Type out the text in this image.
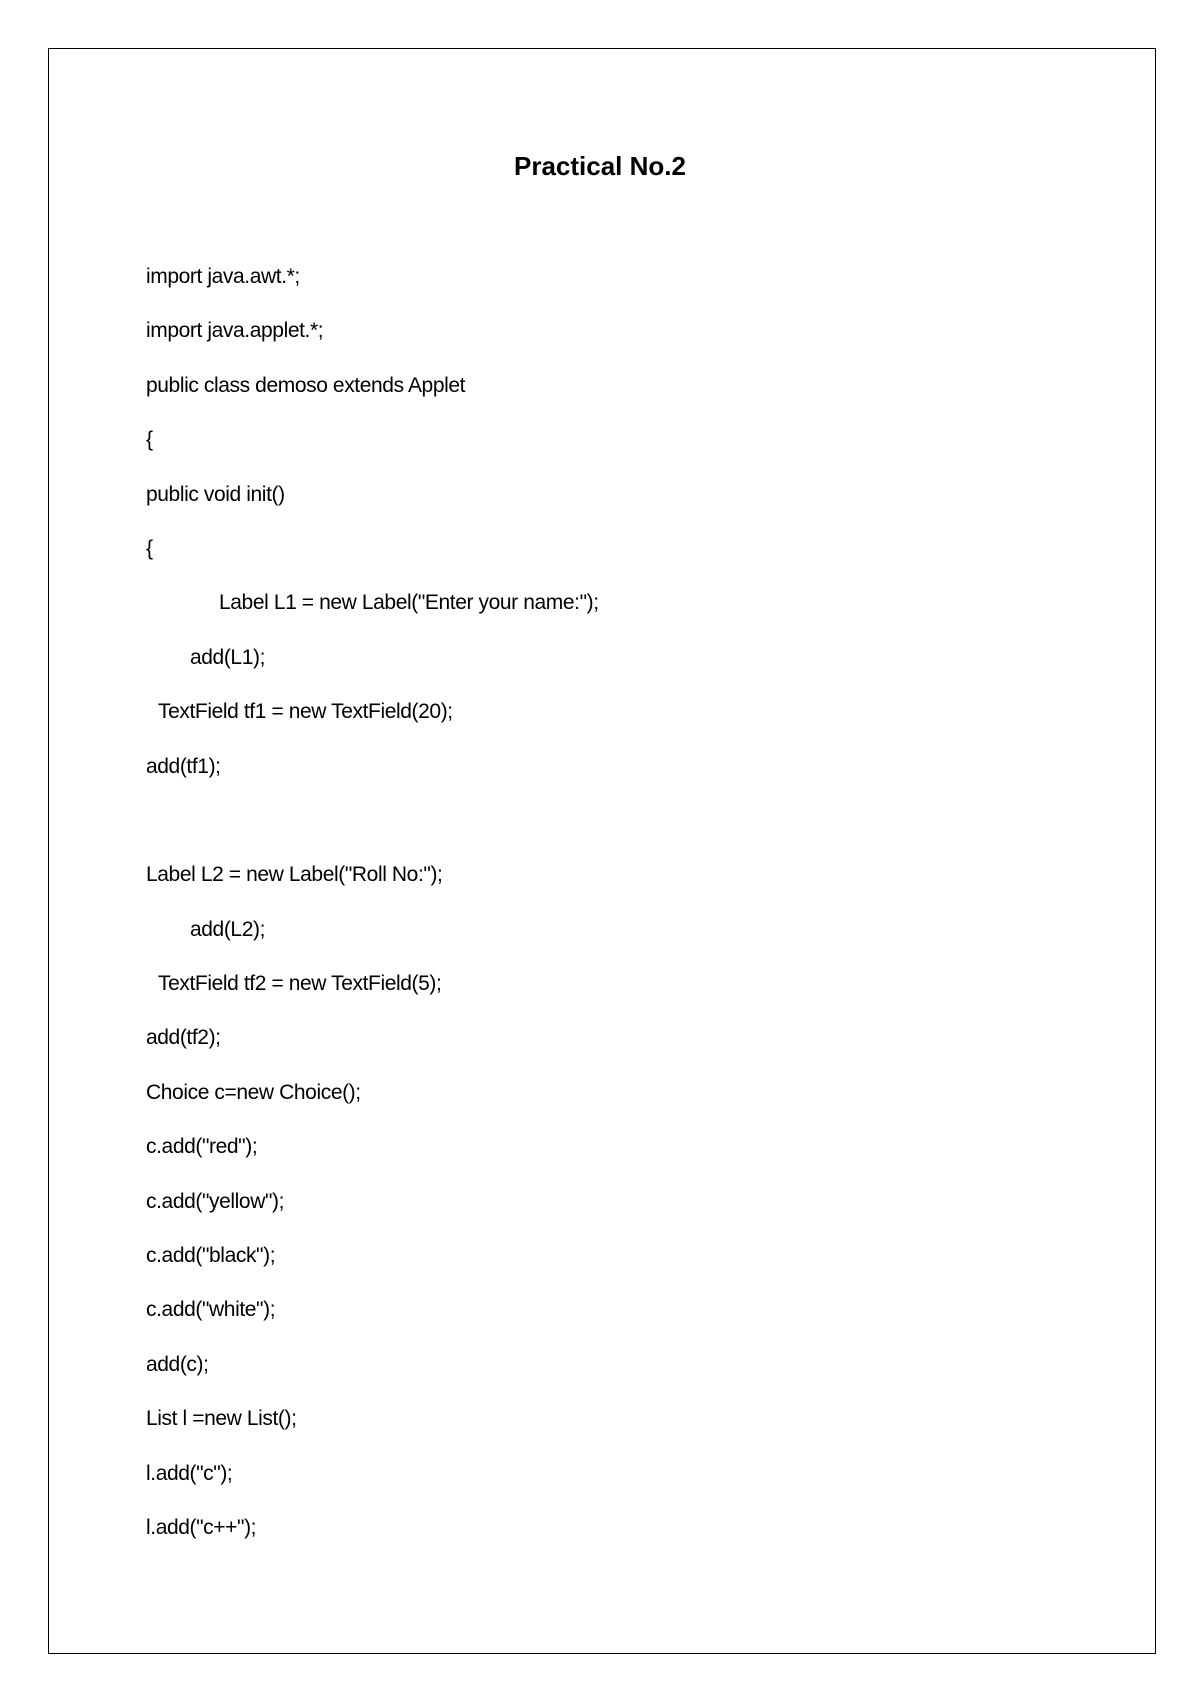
Practical No.2
import java.awt.*;
import java.applet.*;
public class demoso extends Applet
{
public void init()
{
Label L1 = new Label("Enter your name:");
add(L1);
TextField tf1 = new TextField(20);
add(tf1);
Label L2 = new Label("Roll No:");
add(L2);
TextField tf2 = new TextField(5);
add(tf2);
Choice c=new Choice();
c.add("red");
c.add("yellow");
c.add("black");
c.add("white");
add(c);
List l =new List();
l.add("c");
l.add("c++");
